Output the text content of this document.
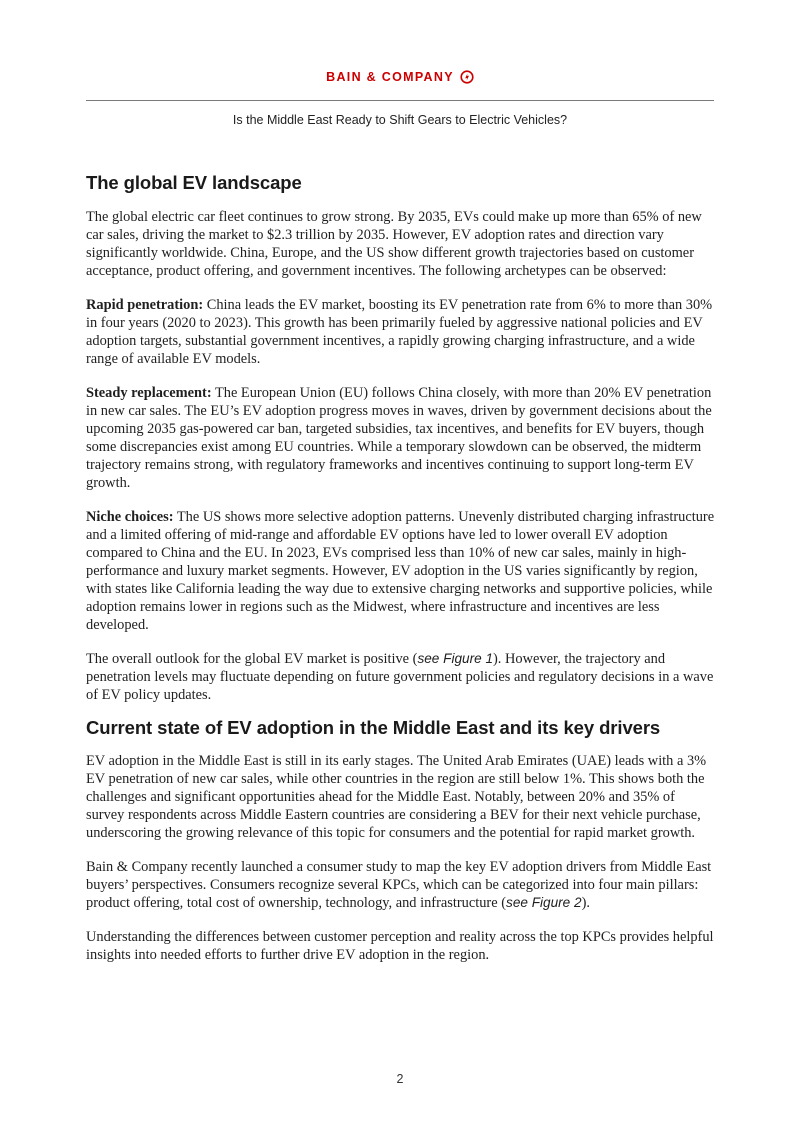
BAIN & COMPANY
Is the Middle East Ready to Shift Gears to Electric Vehicles?
The global EV landscape

The global electric car fleet continues to grow strong. By 2035, EVs could make up more than 65% of new car sales, driving the market to $2.3 trillion by 2035. However, EV adoption rates and direction vary significantly worldwide. China, Europe, and the US show different growth trajectories based on customer acceptance, product offering, and government incentives. The following archetypes can be observed:

Rapid penetration: China leads the EV market, boosting its EV penetration rate from 6% to more than 30% in four years (2020 to 2023). This growth has been primarily fueled by aggressive national policies and EV adoption targets, substantial government incentives, a rapidly growing charging infrastructure, and a wide range of available EV models.

Steady replacement: The European Union (EU) follows China closely, with more than 20% EV penetration in new car sales. The EU’s EV adoption progress moves in waves, driven by government decisions about the upcoming 2035 gas-powered car ban, targeted subsidies, tax incentives, and benefits for EV buyers, though some discrepancies exist among EU countries. While a temporary slowdown can be observed, the midterm trajectory remains strong, with regulatory frameworks and incentives continuing to support long-term EV growth.

Niche choices: The US shows more selective adoption patterns. Unevenly distributed charging infrastructure and a limited offering of mid-range and affordable EV options have led to lower overall EV adoption compared to China and the EU. In 2023, EVs comprised less than 10% of new car sales, mainly in high-performance and luxury market segments. However, EV adoption in the US varies significantly by region, with states like California leading the way due to extensive charging networks and supportive policies, while adoption remains lower in regions such as the Midwest, where infrastructure and incentives are less developed.

The overall outlook for the global EV market is positive (see Figure 1). However, the trajectory and penetration levels may fluctuate depending on future government policies and regulatory decisions in a wave of EV policy updates.

Current state of EV adoption in the Middle East and its key drivers

EV adoption in the Middle East is still in its early stages. The United Arab Emirates (UAE) leads with a 3% EV penetration of new car sales, while other countries in the region are still below 1%. This shows both the challenges and significant opportunities ahead for the Middle East. Notably, between 20% and 35% of survey respondents across Middle Eastern countries are considering a BEV for their next vehicle purchase, underscoring the growing relevance of this topic for consumers and the potential for rapid market growth.

Bain & Company recently launched a consumer study to map the key EV adoption drivers from Middle East buyers’ perspectives. Consumers recognize several KPCs, which can be categorized into four main pillars: product offering, total cost of ownership, technology, and infrastructure (see Figure 2).

Understanding the differences between customer perception and reality across the top KPCs provides helpful insights into needed efforts to further drive EV adoption in the region.

2
